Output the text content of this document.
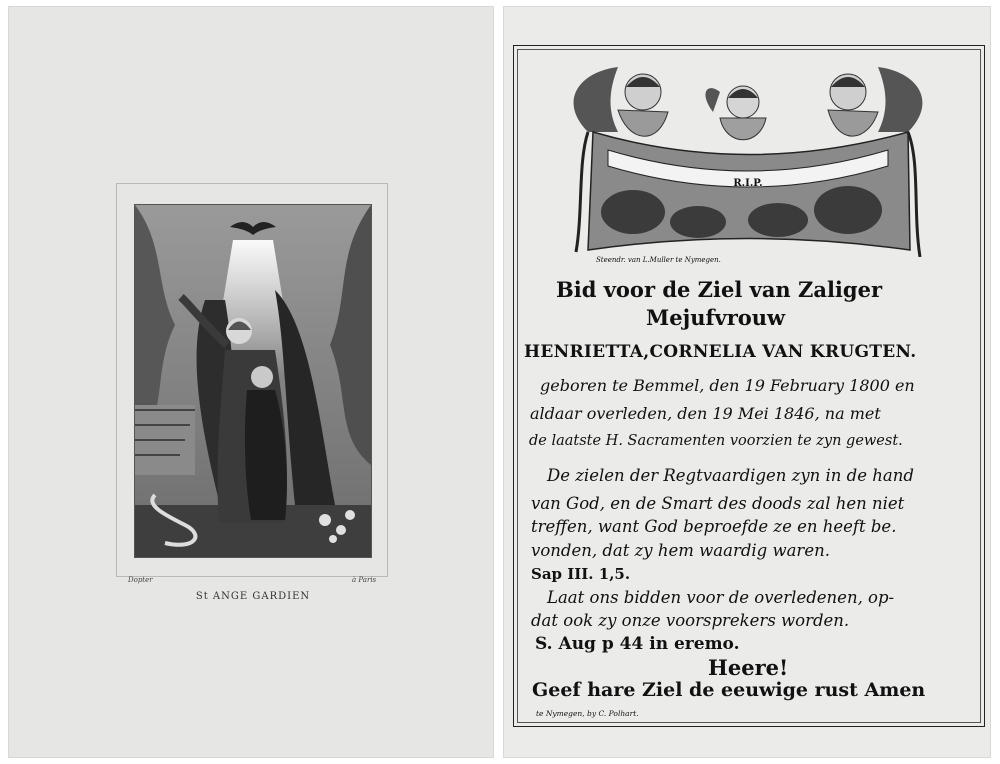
Dopter	à Paris
St ANGE GARDIEN
R.I.P.
Steendr. van L.Muller te Nymegen.
Bid voor de Ziel van Zaliger
Mejufvrouw
HENRIETTA,CORNELIA VAN KRUGTEN.
geboren te Bemmel, den 19 February 1800 en
aldaar overleden, den 19 Mei 1846, na met
de laatste H. Sacramenten voorzien te zyn gewest.
De zielen der Regtvaardigen zyn in de hand
van God, en de Smart des doods zal hen niet
treffen, want God beproefde ze en heeft be.
vonden, dat zy hem waardig waren.
Sap III. 1,5.
Laat ons bidden voor de overledenen, op-
dat ook zy onze voorsprekers worden.
S. Aug p 44 in eremo.
Heere!
Geef hare Ziel de eeuwige rust Amen
te Nymegen, by C. Polhart.
